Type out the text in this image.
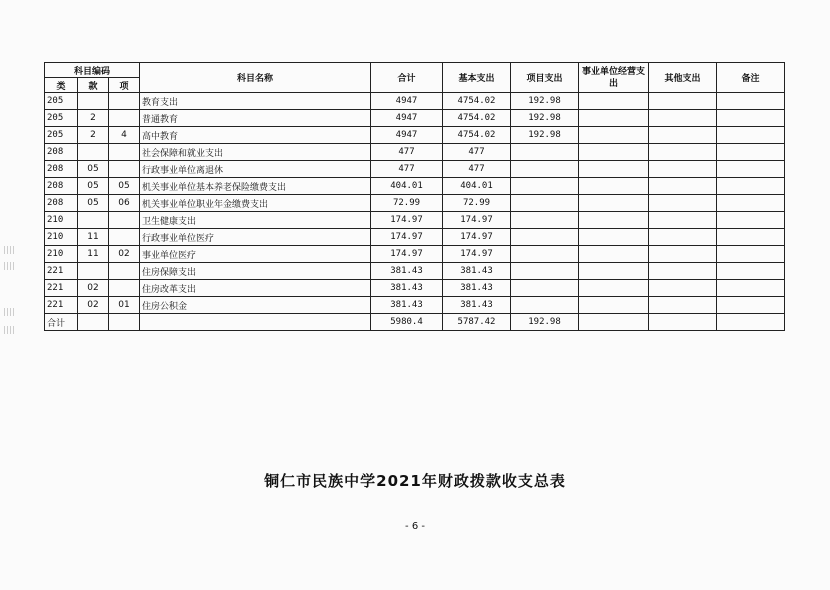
科目编码			科目名称	合计	基本支出	项目支出	事业单位经营支出	其他支出	备注
类	款	项							
205			教育支出	4947	4754.02	192.98			
205	2		普通教育	4947	4754.02	192.98			
205	2	4	高中教育	4947	4754.02	192.98			
208			社会保障和就业支出	477	477				
208	05		行政事业单位离退休	477	477				
208	05	05	机关事业单位基本养老保险缴费支出	404.01	404.01				
208	05	06	机关事业单位职业年金缴费支出	72.99	72.99				
210			卫生健康支出	174.97	174.97				
210	11		行政事业单位医疗	174.97	174.97				
210	11	02	事业单位医疗	174.97	174.97				
221			住房保障支出	381.43	381.43				
221	02		住房改革支出	381.43	381.43				
221	02	01	住房公积金	381.43	381.43				
合计				5980.4	5787.42	192.98			
铜仁市民族中学2021年财政拨款收支总表
- 6 -
